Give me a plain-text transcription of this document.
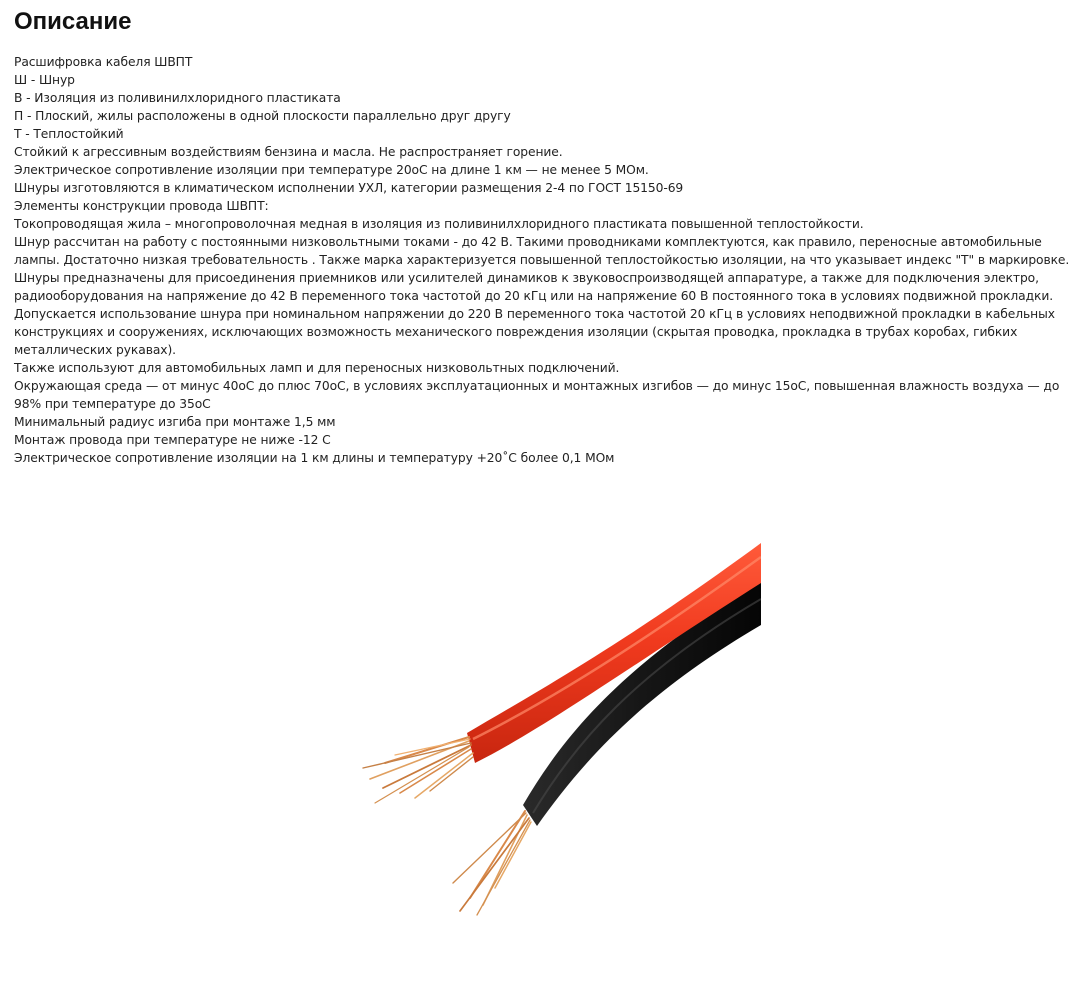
Описание

Расшифровка кабеля ШВПТ

Ш - Шнур

В - Изоляция из поливинилхлоридного пластиката

П - Плоский, жилы расположены в одной плоскости параллельно друг другу

Т - Теплостойкий

Стойкий к агрессивным воздействиям бензина и масла. Не распространяет горение.

Электрическое сопротивление изоляции при температуре 20oC на длине 1 км — не менее 5 МОм.

Шнуры изготовляются в климатическом исполнении УХЛ, категории размещения 2-4 по ГОСТ 15150-69

Элементы конструкции провода ШВПТ:

Токопроводящая жила – многопроволочная медная в изоляция из поливинилхлоридного пластиката повышенной теплостойкости.

Шнур рассчитан на работу с постоянными низковольтными токами - до 42 В. Такими проводниками комплектуются, как правило, переносные автомобильные лампы. Достаточно низкая требовательность . Также марка характеризуется повышенной теплостойкостью изоляции, на что указывает индекс "Т" в маркировке.

Шнуры предназначены для присоединения приемников или усилителей динамиков к звуковоспроизводящей аппаратуре, а также для подключения электро, радиооборудования на напряжение до 42 В переменного тока частотой до 20 кГц или на напряжение 60 В постоянного тока в условиях подвижной прокладки. Допускается использование шнура при номинальном напряжении до 220 В переменного тока частотой 20 кГц в условиях неподвижной прокладки в кабельных конструкциях и сооружениях, исключающих возможность механического повреждения изоляции (скрытая проводка, прокладка в трубах коробах, гибких металлических рукавах).

Также используют для автомобильных ламп и для переносных низковольтных подключений.

Окружающая среда — от минус 40oC до плюс 70oC, в условиях эксплуатационных и монтажных изгибов — до минус 15oC, повышенная влажность воздуха — до 98% при температуре до 35oC

Минимальный радиус изгиба при монтаже 1,5 мм

Монтаж провода при температуре не ниже -12 С

Электрическое сопротивление изоляции на 1 км длины и температуру +20˚С более 0,1 МОм
